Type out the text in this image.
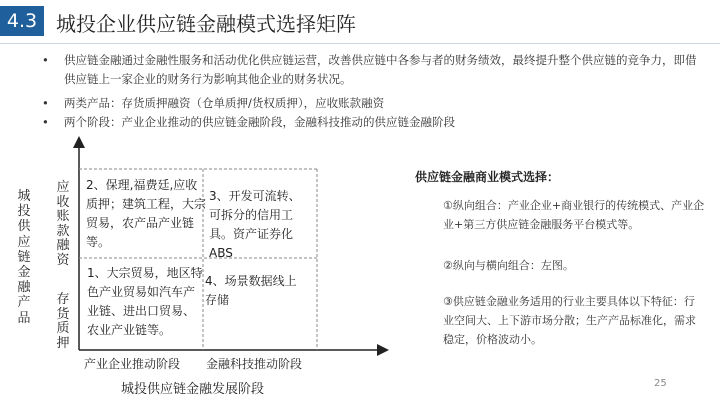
4.3 城投企业供应链金融模式选择矩阵
• 供应链金融通过金融性服务和活动优化供应链运营，改善供应链中各参与者的财务绩效，最终提升整个供应链的竞争力，即借供应链上一家企业的财务行为影响其他企业的财务状况。
• 两类产品：存货质押融资（仓单质押/货权质押），应收账款融资
• 两个阶段：产业企业推动的供应链金融阶段，金融科技推动的供应链金融阶段
城投供应链金融产品
应收账款融资
存货质押

2、保理,福费廷,应收质押；建筑工程，大宗贸易，农产品产业链等。

3、开发可流转、可拆分的信用工具。资产证券化ABS

1、大宗贸易，地区特色产业贸易如汽车产业链、进出口贸易、农业产业链等。

4、场景数据线上存储

产业企业推动阶段 金融科技推动阶段
城投供应链金融发展阶段
供应链金融商业模式选择：

①纵向组合：产业企业+商业银行的传统模式、产业企业+第三方供应链金融服务平台模式等。

②纵向与横向组合：左图。

③供应链金融业务适用的行业主要具体以下特征：行业空间大、上下游市场分散；生产产品标准化，需求稳定，价格波动小。

25
